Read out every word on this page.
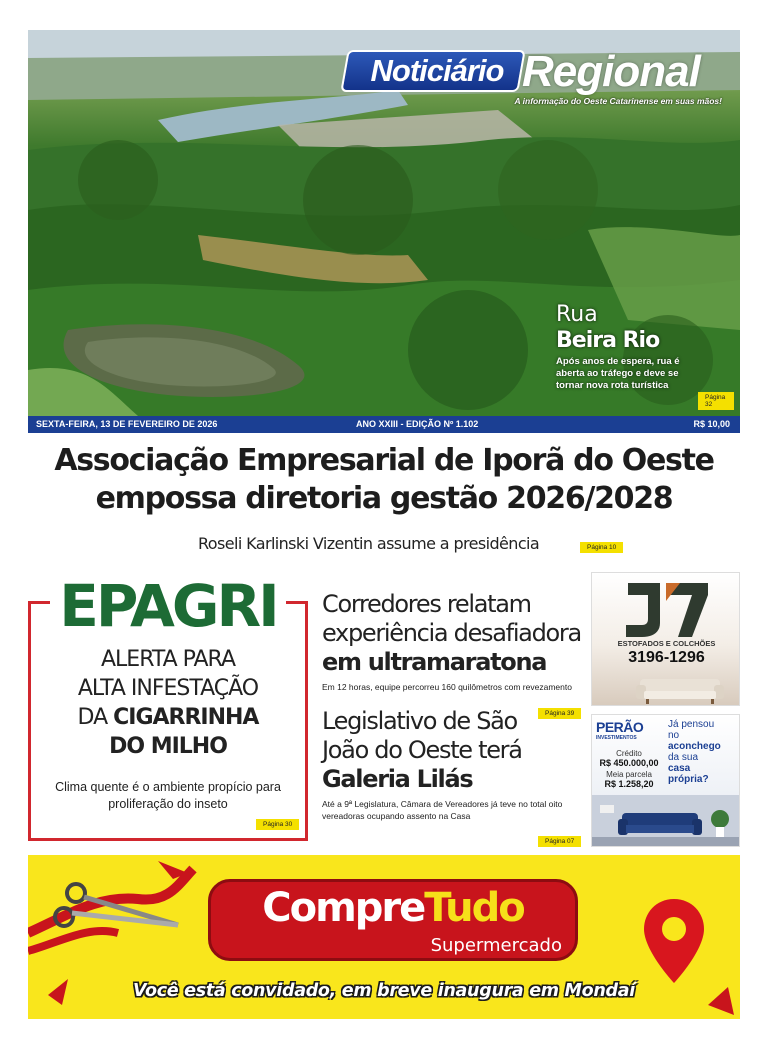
Noticiário Regional
A informação do Oeste Catarinense em suas mãos!
Rua
Beira Rio
Após anos de espera, rua é aberta ao tráfego e deve se tornar nova rota turística
Página 32
SEXTA-FEIRA, 13 DE FEVEREIRO DE 2026	ANO XXIII - EDIÇÃO Nº 1.102	R$ 10,00
Associação Empresarial de Iporã do Oeste
empossa diretoria gestão 2026/2028
Roseli Karlinski Vizentin assume a presidência	Página 10
EPAGRI
ALERTA PARA
ALTA INFESTAÇÃO
DA CIGARRINHA
DO MILHO
Clima quente é o ambiente propício para proliferação do inseto
Página 30
Corredores relatam
experiência desafiadora
em ultramaratona
Em 12 horas, equipe percorreu 160 quilômetros com revezamento
Página 39
Legislativo de São
João do Oeste terá
Galeria Lilás
Até a 9ª Legislatura, Câmara de Vereadores já teve no total oito vereadoras ocupando assento na Casa
Página 07
J7
ESTOFADOS E COLCHÕES
3196-1296
PERÃO
INVESTIMENTOS
Crédito
R$ 450.000,00
Meia parcela
R$ 1.258,20
Já pensou
no
aconchego
da sua
casa
própria?
CompreTudo
Supermercado
Você está convidado, em breve inaugura em Mondaí
